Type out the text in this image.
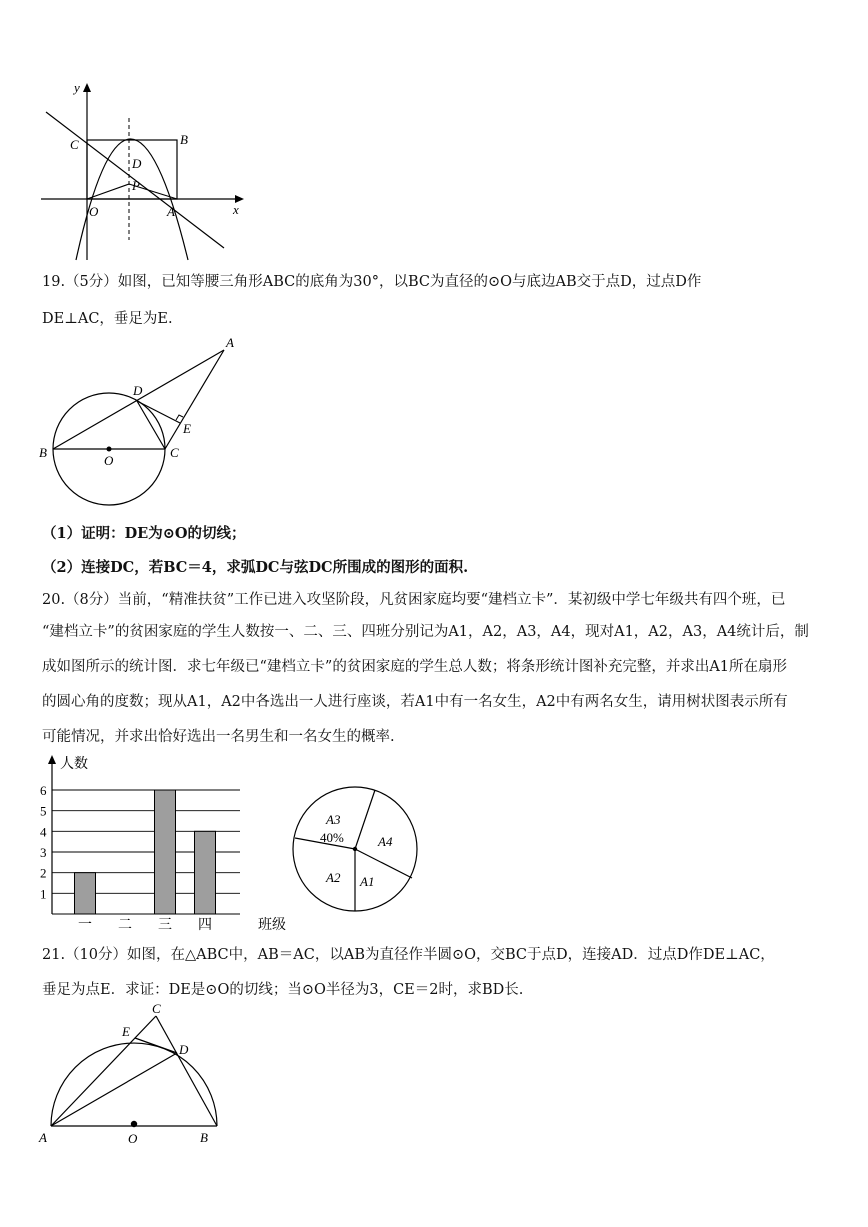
y
x
C	B
D
P
O	A
19.（5分）如图，已知等腰三角形ABC的底角为30°，以BC为直径的⊙O与底边AB交于点D，过点D作
DE⊥AC，垂足为E.
A
D
E
B
O
C
（1）证明：DE为⊙O的切线；
（2）连接DC，若BC＝4，求弧DC与弦DC所围成的图形的面积.
20.（8分）当前，“精准扶贫”工作已进入攻坚阶段，凡贫困家庭均要“建档立卡”．某初级中学七年级共有四个班，已
“建档立卡”的贫困家庭的学生人数按一、二、三、四班分别记为A1，A2，A3，A4，现对A1，A2，A3，A4统计后，制
成如图所示的统计图．求七年级已“建档立卡”的贫困家庭的学生总人数；将条形统计图补充完整，并求出A1所在扇形
的圆心角的度数；现从A1，A2中各选出一人进行座谈，若A1中有一名女生，A2中有两名女生，请用树状图表示所有
可能情况，并求出恰好选出一名男生和一名女生的概率.
1
2
3
4
5
6
一 二 三 四
人数
班级
A3
40%	A4
A1
A2
21.（10分）如图，在△ABC中，AB＝AC，以AB为直径作半圆⊙O，交BC于点D，连接AD．过点D作DE⊥AC，
垂足为点E．求证：DE是⊙O的切线；当⊙O半径为3，CE＝2时，求BD长.
C
E
D
A	O	B
